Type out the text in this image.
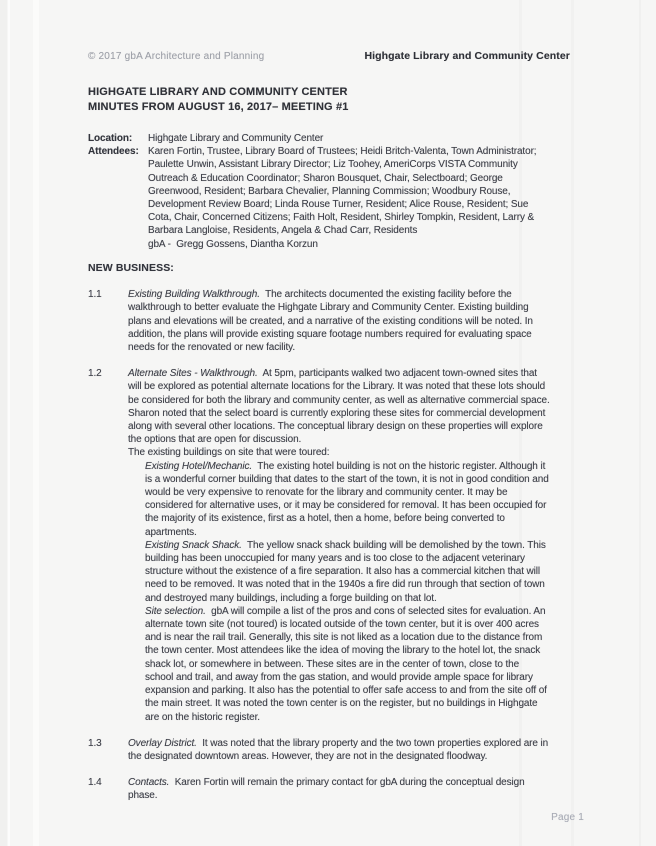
© 2017 gbA Architecture and Planning	Highgate Library and Community Center
HIGHGATE LIBRARY AND COMMUNITY CENTER
MINUTES FROM AUGUST 16, 2017– MEETING #1
Location: Highgate Library and Community Center
Attendees: Karen Fortin, Trustee, Library Board of Trustees; Heidi Britch-Valenta, Town Administrator;
Paulette Unwin, Assistant Library Director; Liz Toohey, AmeriCorps VISTA Community
Outreach & Education Coordinator; Sharon Bousquet, Chair, Selectboard; George
Greenwood, Resident; Barbara Chevalier, Planning Commission; Woodbury Rouse,
Development Review Board; Linda Rouse Turner, Resident; Alice Rouse, Resident; Sue
Cota, Chair, Concerned Citizens; Faith Holt, Resident, Shirley Tompkin, Resident, Larry &
Barbara Langloise, Residents, Angela & Chad Carr, Residents
gbA -  Gregg Gossens, Diantha Korzun
NEW BUSINESS:
1.1	Existing Building Walkthrough.  The architects documented the existing facility before the
walkthrough to better evaluate the Highgate Library and Community Center. Existing building
plans and elevations will be created, and a narrative of the existing conditions will be noted. In
addition, the plans will provide existing square footage numbers required for evaluating space
needs for the renovated or new facility.
1.2	Alternate Sites - Walkthrough.  At 5pm, participants walked two adjacent town-owned sites that
will be explored as potential alternate locations for the Library. It was noted that these lots should
be considered for both the library and community center, as well as alternative commercial space.
Sharon noted that the select board is currently exploring these sites for commercial development
along with several other locations. The conceptual library design on these properties will explore
the options that are open for discussion.
The existing buildings on site that were toured:
Existing Hotel/Mechanic.  The existing hotel building is not on the historic register. Although it
is a wonderful corner building that dates to the start of the town, it is not in good condition and
would be very expensive to renovate for the library and community center. It may be
considered for alternative uses, or it may be considered for removal. It has been occupied for
the majority of its existence, first as a hotel, then a home, before being converted to
apartments.
Existing Snack Shack.  The yellow snack shack building will be demolished by the town. This
building has been unoccupied for many years and is too close to the adjacent veterinary
structure without the existence of a fire separation. It also has a commercial kitchen that will
need to be removed. It was noted that in the 1940s a fire did run through that section of town
and destroyed many buildings, including a forge building on that lot.
Site selection.  gbA will compile a list of the pros and cons of selected sites for evaluation. An
alternate town site (not toured) is located outside of the town center, but it is over 400 acres
and is near the rail trail. Generally, this site is not liked as a location due to the distance from
the town center. Most attendees like the idea of moving the library to the hotel lot, the snack
shack lot, or somewhere in between. These sites are in the center of town, close to the
school and trail, and away from the gas station, and would provide ample space for library
expansion and parking. It also has the potential to offer safe access to and from the site off of
the main street. It was noted the town center is on the register, but no buildings in Highgate
are on the historic register.
1.3	Overlay District.  It was noted that the library property and the two town properties explored are in
the designated downtown areas. However, they are not in the designated floodway.
1.4	Contacts.  Karen Fortin will remain the primary contact for gbA during the conceptual design
phase.
Page 1
